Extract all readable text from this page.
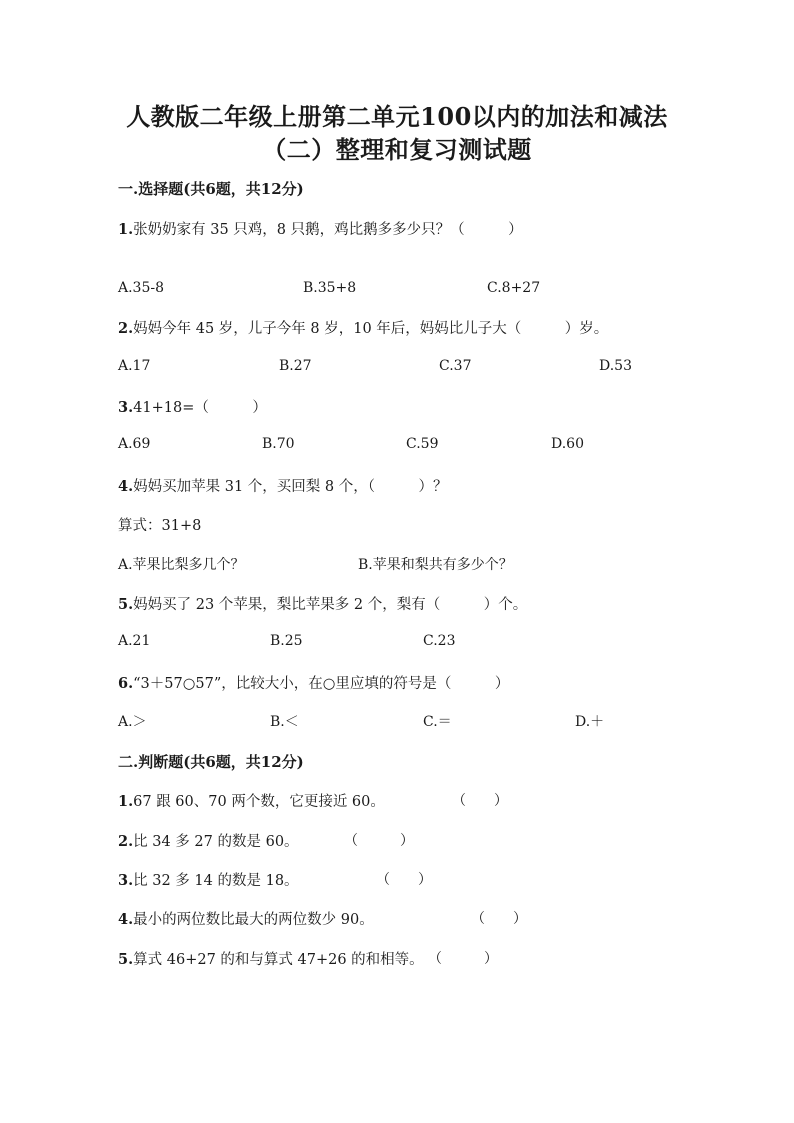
人教版二年级上册第二单元100以内的加法和减法
（二）整理和复习测试题
一.选择题(共6题，共12分)
1.张奶奶家有 35 只鸡，8 只鹅，鸡比鹅多多少只？（　　　）
A.35-8	B.35+8	C.8+27
2.妈妈今年 45 岁，儿子今年 8 岁，10 年后，妈妈比儿子大（　　　）岁。
A.17	B.27	C.37	D.53
3.41+18=（　　　）
A.69	B.70	C.59	D.60
4.妈妈买加苹果 31 个，买回梨 8 个，（　　　）？
算式：31+8
A.苹果比梨多几个？	B.苹果和梨共有多少个？
5.妈妈买了 23 个苹果，梨比苹果多 2 个，梨有（　　　）个。
A.21	B.25	C.23
6.“3＋57○57”，比较大小，在○里应填的符号是（　　　）
A.＞	B.＜	C.＝	D.＋
二.判断题(共6题，共12分)
1.67 跟 60、70 两个数，它更接近 60。	（　　）
2.比 34 多 27 的数是 60。	（　　　）
3.比 32 多 14 的数是 18。	（　　）
4.最小的两位数比最大的两位数少 90。	（　　）
5.算式 46+27 的和与算式 47+26 的和相等。 （　　　）
